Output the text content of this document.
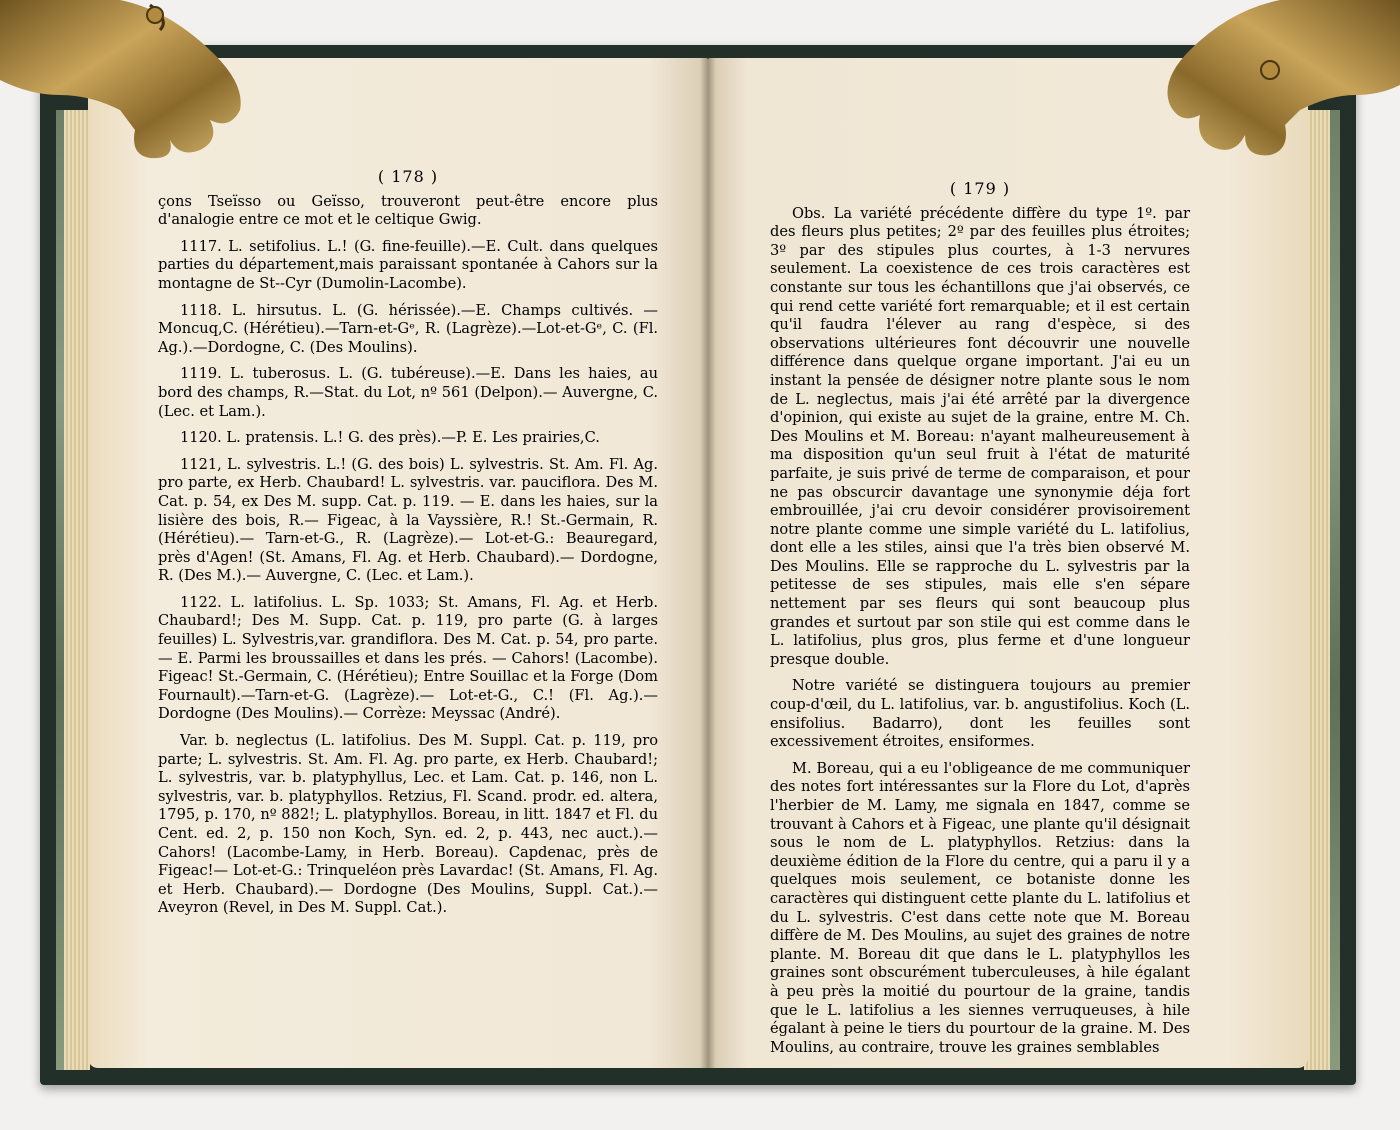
( 178 )

çons Tseïsso ou Geïsso, trouveront peut-être encore plus d'analogie entre ce mot et le celtique Gwig.

1117. L. setifolius. L.! (G. fine-feuille).—E. Cult. dans quelques parties du département,mais paraissant spontanée à Cahors sur la montagne de St--Cyr (Dumolin-Lacombe).

1118. L. hirsutus. L. (G. hérissée).—E. Champs cultivés. —Moncuq,C. (Hérétieu).—Tarn-et-Gᵉ, R. (Lagrèze).—Lot-et-Gᵉ, C. (Fl. Ag.).—Dordogne, C. (Des Moulins).

1119. L. tuberosus. L. (G. tubéreuse).—E. Dans les haies, au bord des champs, R.—Stat. du Lot, nº 561 (Delpon).— Auvergne, C. (Lec. et Lam.).

1120. L. pratensis. L.! G. des près).—P. E. Les prairies,C.

1121, L. sylvestris. L.! (G. des bois) L. sylvestris. St. Am. Fl. Ag. pro parte, ex Herb. Chaubard! L. sylvestris. var. pauciflora. Des M. Cat. p. 54, ex Des M. supp. Cat. p. 119. — E. dans les haies, sur la lisière des bois, R.— Figeac, à la Vayssière, R.! St.-Germain, R. (Hérétieu).— Tarn-et-G., R. (Lagrèze).— Lot-et-G.: Beauregard, près d'Agen! (St. Amans, Fl. Ag. et Herb. Chaubard).— Dordogne, R. (Des M.).— Auvergne, C. (Lec. et Lam.).

1122. L. latifolius. L. Sp. 1033; St. Amans, Fl. Ag. et Herb. Chaubard!; Des M. Supp. Cat. p. 119, pro parte (G. à larges feuilles) L. Sylvestris,var. grandiflora. Des M. Cat. p. 54, pro parte.— E. Parmi les broussailles et dans les prés. — Cahors! (Lacombe). Figeac! St.-Germain, C. (Hérétieu); Entre Souillac et la Forge (Dom Fournault).—Tarn-et-G. (Lagrèze).— Lot-et-G., C.! (Fl. Ag.).— Dordogne (Des Moulins).— Corrèze: Meyssac (André).

Var. b. neglectus (L. latifolius. Des M. Suppl. Cat. p. 119, pro parte; L. sylvestris. St. Am. Fl. Ag. pro parte, ex Herb. Chaubard!; L. sylvestris, var. b. platyphyllus, Lec. et Lam. Cat. p. 146, non L. sylvestris, var. b. platyphyllos. Retzius, Fl. Scand. prodr. ed. altera, 1795, p. 170, nº 882!; L. platyphyllos. Boreau, in litt. 1847 et Fl. du Cent. ed. 2, p. 150 non Koch, Syn. ed. 2, p. 443, nec auct.).— Cahors! (Lacombe-Lamy, in Herb. Boreau). Capdenac, près de Figeac!— Lot-et-G.: Trinqueléon près Lavardac! (St. Amans, Fl. Ag. et Herb. Chaubard).— Dordogne (Des Moulins, Suppl. Cat.).—Aveyron (Revel, in Des M. Suppl. Cat.).

( 179 )

Obs. La variété précédente diffère du type 1º. par des fleurs plus petites; 2º par des feuilles plus étroites; 3º par des stipules plus courtes, à 1-3 nervures seulement. La coexistence de ces trois caractères est constante sur tous les échantillons que j'ai observés, ce qui rend cette variété fort remarquable; et il est certain qu'il faudra l'élever au rang d'espèce, si des observations ultérieures font découvrir une nouvelle différence dans quelque organe important. J'ai eu un instant la pensée de désigner notre plante sous le nom de L. neglectus, mais j'ai été arrêté par la divergence d'opinion, qui existe au sujet de la graine, entre M. Ch. Des Moulins et M. Boreau: n'ayant malheureusement à ma disposition qu'un seul fruit à l'état de maturité parfaite, je suis privé de terme de comparaison, et pour ne pas obscurcir davantage une synonymie déja fort embrouillée, j'ai cru devoir considérer provisoirement notre plante comme une simple variété du L. latifolius, dont elle a les stiles, ainsi que l'a très bien observé M. Des Moulins. Elle se rapproche du L. sylvestris par la petitesse de ses stipules, mais elle s'en sépare nettement par ses fleurs qui sont beaucoup plus grandes et surtout par son stile qui est comme dans le L. latifolius, plus gros, plus ferme et d'une longueur presque double.

Notre variété se distinguera toujours au premier coup-d'œil, du L. latifolius, var. b. angustifolius. Koch (L. ensifolius. Badarro), dont les feuilles sont excessivement étroites, ensiformes.

M. Boreau, qui a eu l'obligeance de me communiquer des notes fort intéressantes sur la Flore du Lot, d'après l'herbier de M. Lamy, me signala en 1847, comme se trouvant à Cahors et à Figeac, une plante qu'il désignait sous le nom de L. platyphyllos. Retzius: dans la deuxième édition de la Flore du centre, qui a paru il y a quelques mois seulement, ce botaniste donne les caractères qui distinguent cette plante du L. latifolius et du L. sylvestris. C'est dans cette note que M. Boreau diffère de M. Des Moulins, au sujet des graines de notre plante. M. Boreau dit que dans le L. platyphyllos les graines sont obscurément tuberculeuses, à hile égalant à peu près la moitié du pourtour de la graine, tandis que le L. latifolius a les siennes verruqueuses, à hile égalant à peine le tiers du pourtour de la graine. M. Des Moulins, au contraire, trouve les graines semblables
